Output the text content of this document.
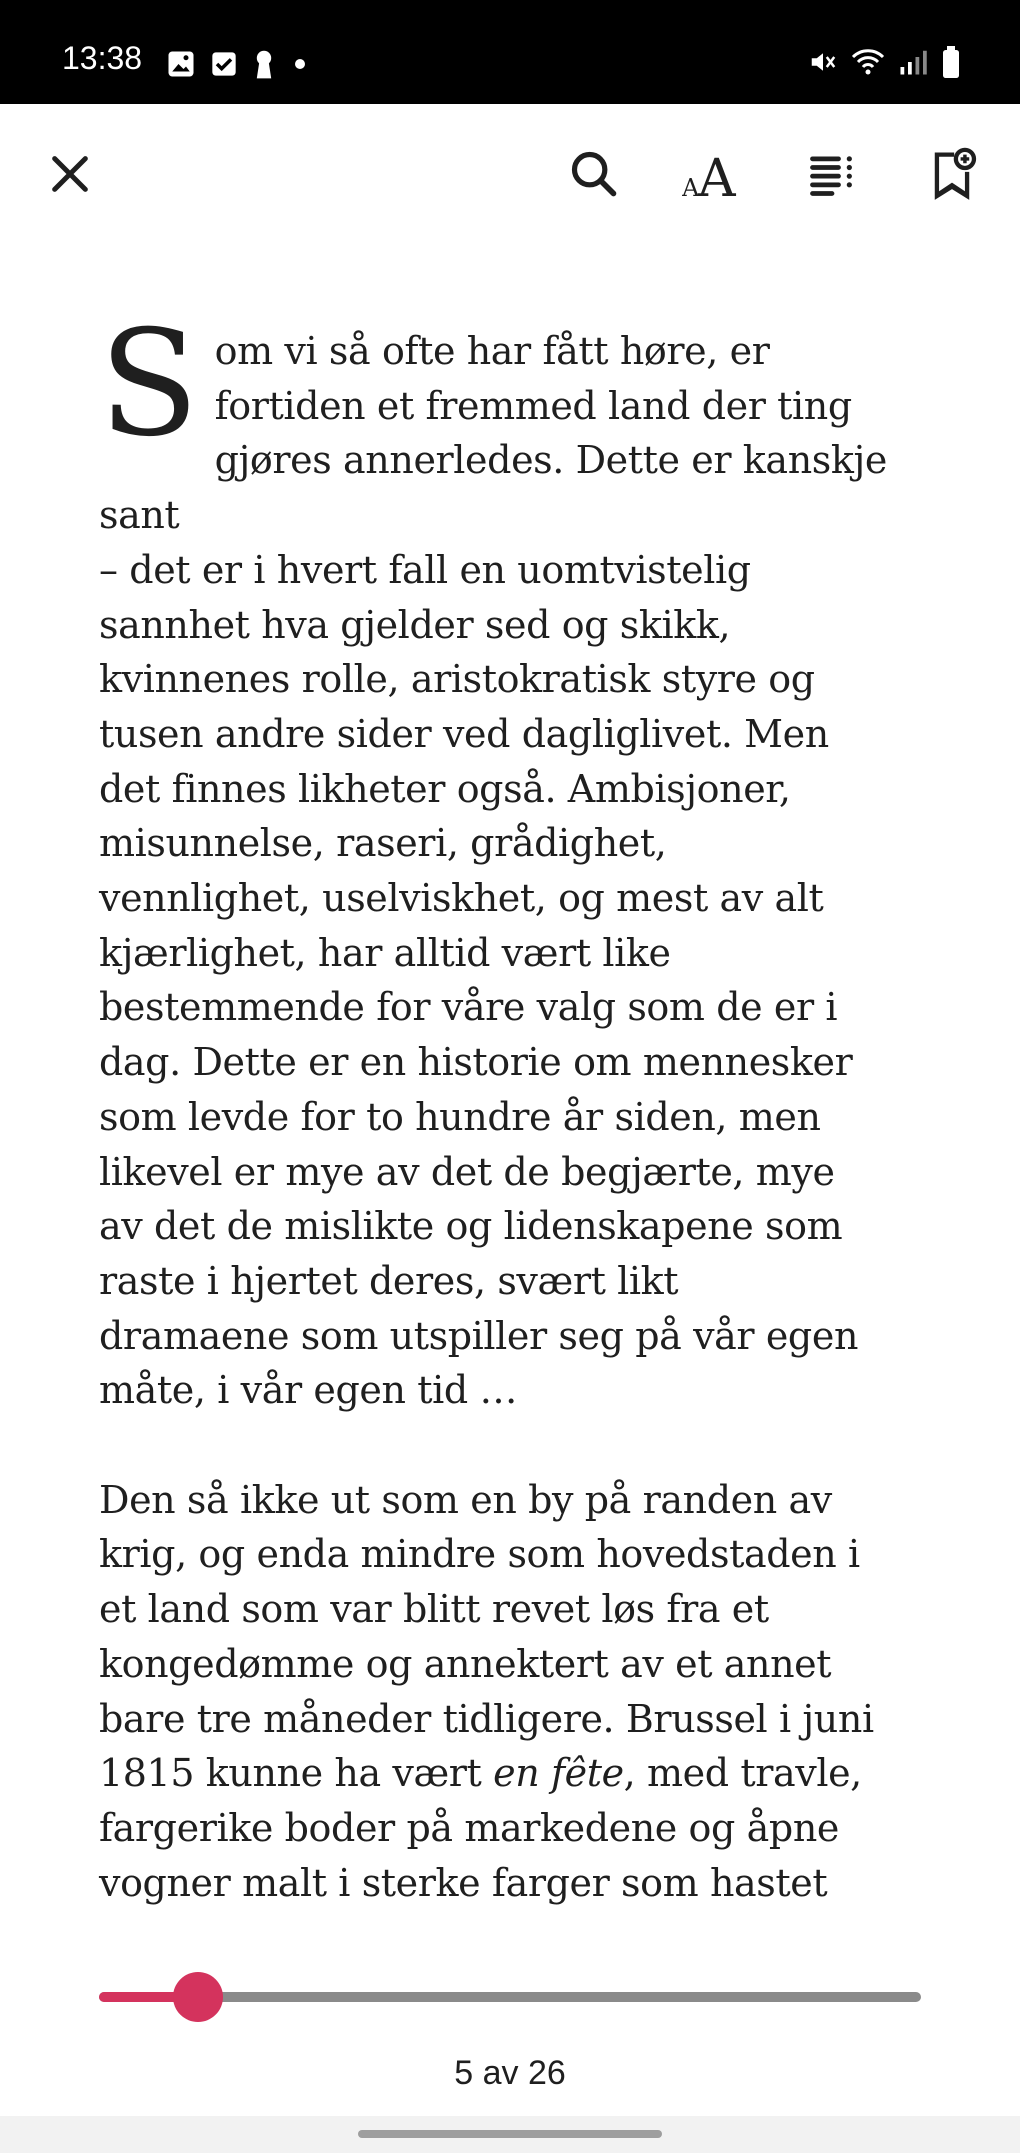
13:38
A
A

Som vi så ofte har fått høre, er
fortiden et fremmed land der ting
gjøres annerledes. Dette er kanskje sant
– det er i hvert fall en uomtvistelig
sannhet hva gjelder sed og skikk,
kvinnenes rolle, aristokratisk styre og
tusen andre sider ved dagliglivet. Men
det finnes likheter også. Ambisjoner,
misunnelse, raseri, grådighet,
vennlighet, uselviskhet, og mest av alt
kjærlighet, har alltid vært like
bestemmende for våre valg som de er i
dag. Dette er en historie om mennesker
som levde for to hundre år siden, men
likevel er mye av det de begjærte, mye
av det de mislikte og lidenskapene som
raste i hjertet deres, svært likt
dramaene som utspiller seg på vår egen
måte, i vår egen tid …

Den så ikke ut som en by på randen av
krig, og enda mindre som hovedstaden i
et land som var blitt revet løs fra et
kongedømme og annektert av et annet
bare tre måneder tidligere. Brussel i juni
1815 kunne ha vært en fête, med travle,
fargerike boder på markedene og åpne
vogner malt i sterke farger som hastet

5 av 26
